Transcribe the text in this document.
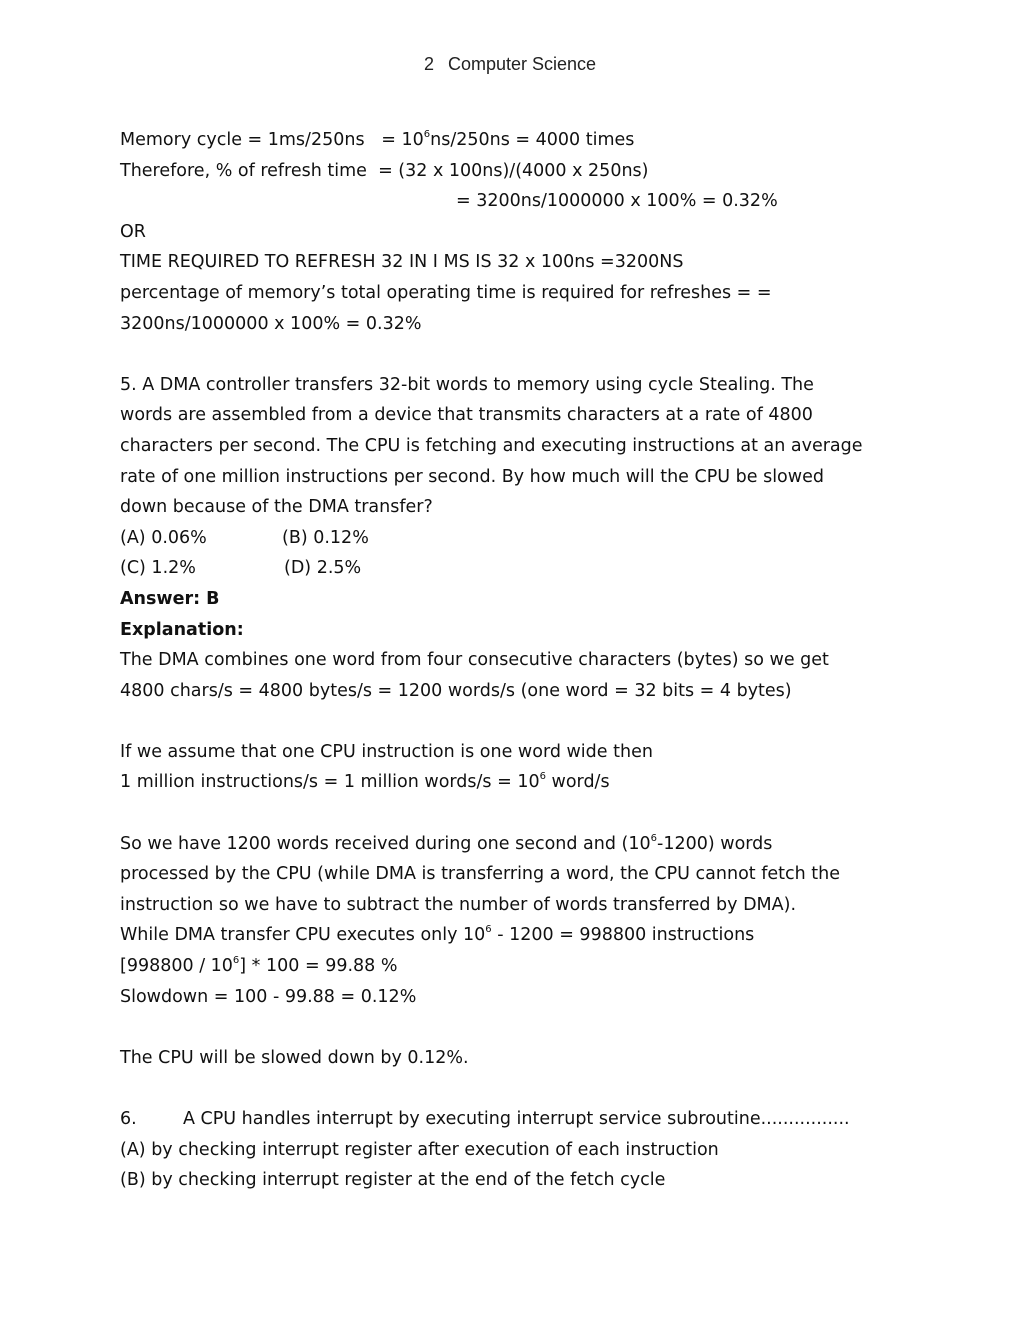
2 Computer Science
Memory cycle = $1ms/250ns = 10^6ns/250ns = 4000$ times
Therefore, % of refresh time  = (32 x 100ns)/(4000 x 250ns)
= 3200ns/1000000 x 100% = 0.32%
OR
TIME REQUIRED TO REFRESH 32 IN I MS IS 32 x 100ns =3200NS
percentage of memory’s total operating time is required for refreshes = =
3200ns/1000000 x 100% = 0.32%
5. A DMA controller transfers 32-bit words to memory using cycle Stealing. The
words are assembled from a device that transmits characters at a rate of 4800
characters per second. The CPU is fetching and executing instructions at an average
rate of one million instructions per second. By how much will the CPU be slowed
down because of the DMA transfer?
(A) 0.06%	(B) 0.12%
(C) 1.2%	(D) 2.5%
Answer: B
Explanation:
The DMA combines one word from four consecutive characters (bytes) so we get
4800 chars/s = 4800 bytes/s = 1200 words/s (one word = 32 bits = 4 bytes)
If we assume that one CPU instruction is one word wide then
1 million instructions/s = 1 million words/s = $10^6$ word/s
So we have 1200 words received during one second and $(10^6-1200)$ words
processed by the CPU (while DMA is transferring a word, the CPU cannot fetch the
instruction so we have to subtract the number of words transferred by DMA).
While DMA transfer CPU executes only $10^6 - 1200 = 998800$ instructions
$[998800 / 10^6] * 100 = 99.88$ %
Slowdown = 100 - 99.88 = 0.12%
The CPU will be slowed down by 0.12%.
6.	A CPU handles interrupt by executing interrupt service subroutine................
(A) by checking interrupt register after execution of each instruction
(B) by checking interrupt register at the end of the fetch cycle
